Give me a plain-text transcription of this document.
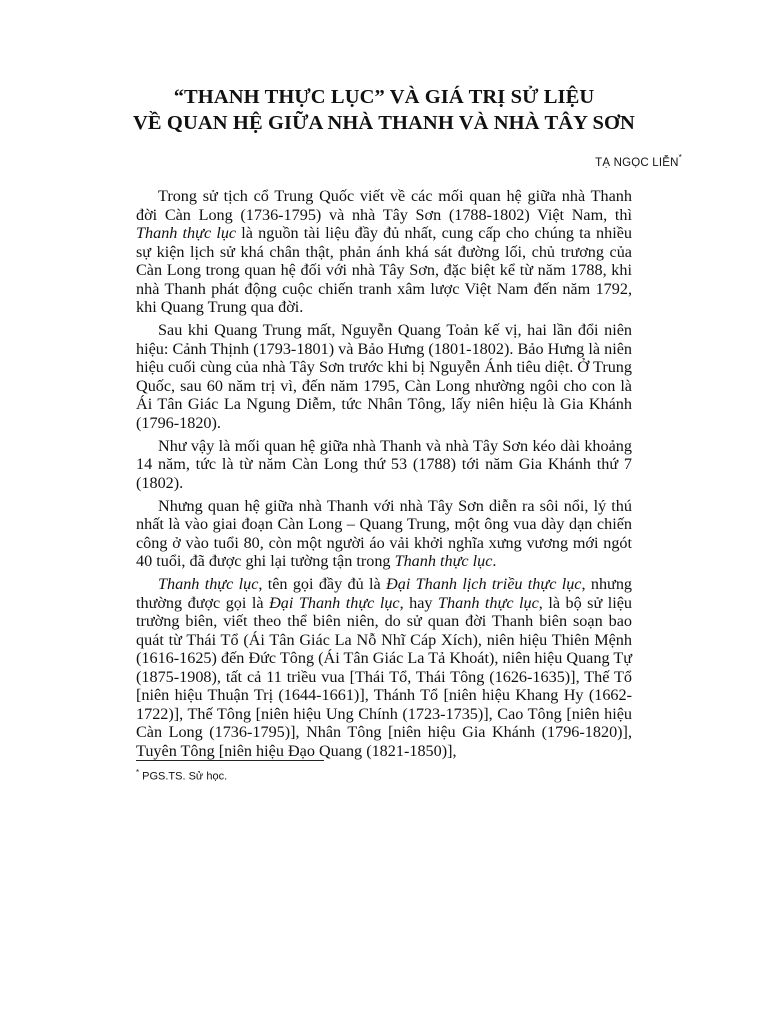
“THANH THỰC LỤC” VÀ GIÁ TRỊ SỬ LIỆU
VỀ QUAN HỆ GIỮA NHÀ THANH VÀ NHÀ TÂY SƠN
TẠ NGỌC LIỄN*

Trong sử tịch cổ Trung Quốc viết về các mối quan hệ giữa nhà Thanh đời Càn Long (1736-1795) và nhà Tây Sơn (1788-1802) Việt Nam, thì Thanh thực lục là nguồn tài liệu đầy đủ nhất, cung cấp cho chúng ta nhiều sự kiện lịch sử khá chân thật, phản ánh khá sát đường lối, chủ trương của Càn Long trong quan hệ đối với nhà Tây Sơn, đặc biệt kể từ năm 1788, khi nhà Thanh phát động cuộc chiến tranh xâm lược Việt Nam đến năm 1792, khi Quang Trung qua đời.

Sau khi Quang Trung mất, Nguyễn Quang Toản kế vị, hai lần đổi niên hiệu: Cảnh Thịnh (1793-1801) và Bảo Hưng (1801-1802). Bảo Hưng là niên hiệu cuối cùng của nhà Tây Sơn trước khi bị Nguyễn Ánh tiêu diệt. Ở Trung Quốc, sau 60 năm trị vì, đến năm 1795, Càn Long nhường ngôi cho con là Ái Tân Giác La Ngung Diễm, tức Nhân Tông, lấy niên hiệu là Gia Khánh (1796-1820).

Như vậy là mối quan hệ giữa nhà Thanh và nhà Tây Sơn kéo dài khoảng 14 năm, tức là từ năm Càn Long thứ 53 (1788) tới năm Gia Khánh thứ 7 (1802).

Nhưng quan hệ giữa nhà Thanh với nhà Tây Sơn diễn ra sôi nổi, lý thú nhất là vào giai đoạn Càn Long – Quang Trung, một ông vua dày dạn chiến công ở vào tuổi 80, còn một người áo vải khởi nghĩa xưng vương mới ngót 40 tuổi, đã được ghi lại tường tận trong Thanh thực lục.

Thanh thực lục, tên gọi đầy đủ là Đại Thanh lịch triều thực lục, nhưng thường được gọi là Đại Thanh thực lục, hay Thanh thực lục, là bộ sử liệu trường biên, viết theo thể biên niên, do sử quan đời Thanh biên soạn bao quát từ Thái Tổ (Ái Tân Giác La Nỗ Nhĩ Cáp Xích), niên hiệu Thiên Mệnh (1616-1625) đến Đức Tông (Ái Tân Giác La Tả Khoát), niên hiệu Quang Tự (1875-1908), tất cả 11 triều vua [Thái Tổ, Thái Tông (1626-1635)], Thế Tổ [niên hiệu Thuận Trị (1644-1661)], Thánh Tổ [niên hiệu Khang Hy (1662-1722)], Thế Tông [niên hiệu Ung Chính (1723-1735)], Cao Tông [niên hiệu Càn Long (1736-1795)], Nhân Tông [niên hiệu Gia Khánh (1796-1820)], Tuyên Tông [niên hiệu Đạo Quang (1821-1850)],

* PGS.TS. Sử học.
